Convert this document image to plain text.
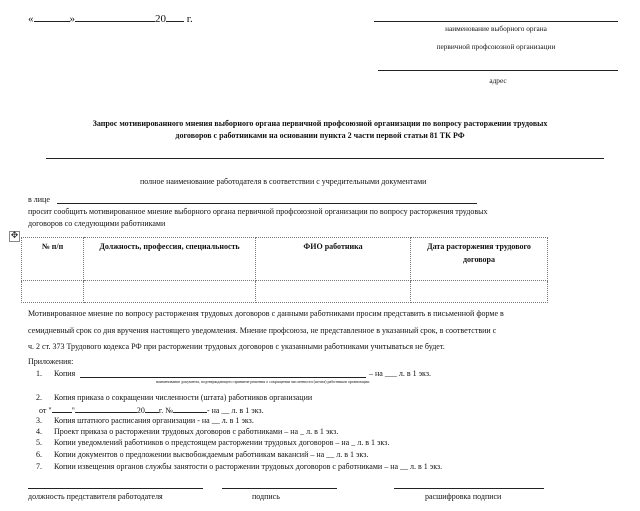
«	»	20 г.
наименование выборного органа
первичной профсоюзной организации
адрес
Запрос мотивированного мнения выборного органа первичной профсоюзной организации по вопросу расторжении трудовых
договоров с работниками на основании пункта 2 части первой статьи 81 ТК РФ
полное наименование работодателя в соответствии с учредительными документами
в лице
просит сообщить мотивированное мнение выборного органа первичной профсоюзной организации по вопросу расторжения трудовых
договоров со следующими работниками
✥
№ п/п	Должность, профессия, специальность	ФИО работника	Дата расторжения трудового договора

Мотивированное мнение по вопросу расторжения трудовых договоров с данными работниками просим представить в письменной форме в
семидневный срок со дня вручения настоящего уведомления. Мнение профсоюза, не представленное в указанный срок, в соответствии с
ч. 2 ст. 373 Трудового кодекса РФ при расторжении трудовых договоров с указанными работниками учитываться не будет.
Приложения:
1. Копия	– на ___ л. в 1 экз.
наименование документа, подтверждающего принятие решения о сокращении численности (штата) работников организации
2. Копия приказа о сокращении численности (штата) работников организации
от "	"	20 г. №	- на __ л. в 1 экз.
3. Копия штатного расписания организации - на __ л. в 1 экз.
4. Проект приказа о расторжении трудовых договоров с работниками – на _ л. в 1 экз.
5. Копии уведомлений работников о предстоящем расторжении трудовых договоров – на _ л. в 1 экз.
6. Копии документов о предложении высвобождаемым работникам вакансий – на __ л. в 1 экз.
7. Копии извещения органов службы занятости о расторжении трудовых договоров с работниками – на __ л. в 1 экз.
должность представителя работодателя	подпись	расшифровка подписи
